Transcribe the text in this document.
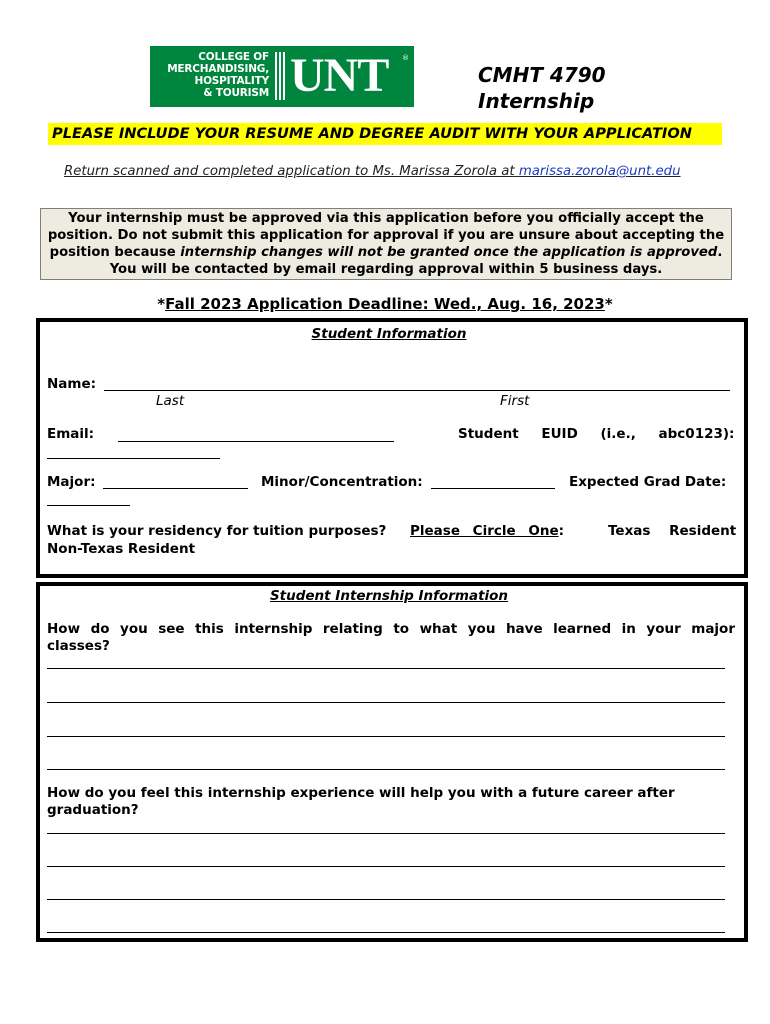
COLLEGE OF
MERCHANDISING,
HOSPITALITY
& TOURISM UNT ®
CMHT 4790 Internship
PLEASE INCLUDE YOUR RESUME AND DEGREE AUDIT WITH YOUR APPLICATION
Return scanned and completed application to Ms. Marissa Zorola at marissa.zorola@unt.edu
Your internship must be approved via this application before you officially accept the position. Do not submit this application for approval if you are unsure about accepting the position because internship changes will not be granted once the application is approved. You will be contacted by email regarding approval within 5 business days.
*Fall 2023 Application Deadline: Wed., Aug. 16, 2023*
Student Information
Name:
Last	First
Email:	Student EUID (i.e., abc0123):
Major:	Minor/Concentration:	Expected Grad Date:
What is your residency for tuition purposes? Please Circle One:	Texas Resident
Non-Texas Resident
Student Internship Information
How do you see this internship relating to what you have learned in your major classes?
How do you feel this internship experience will help you with a future career after graduation?
